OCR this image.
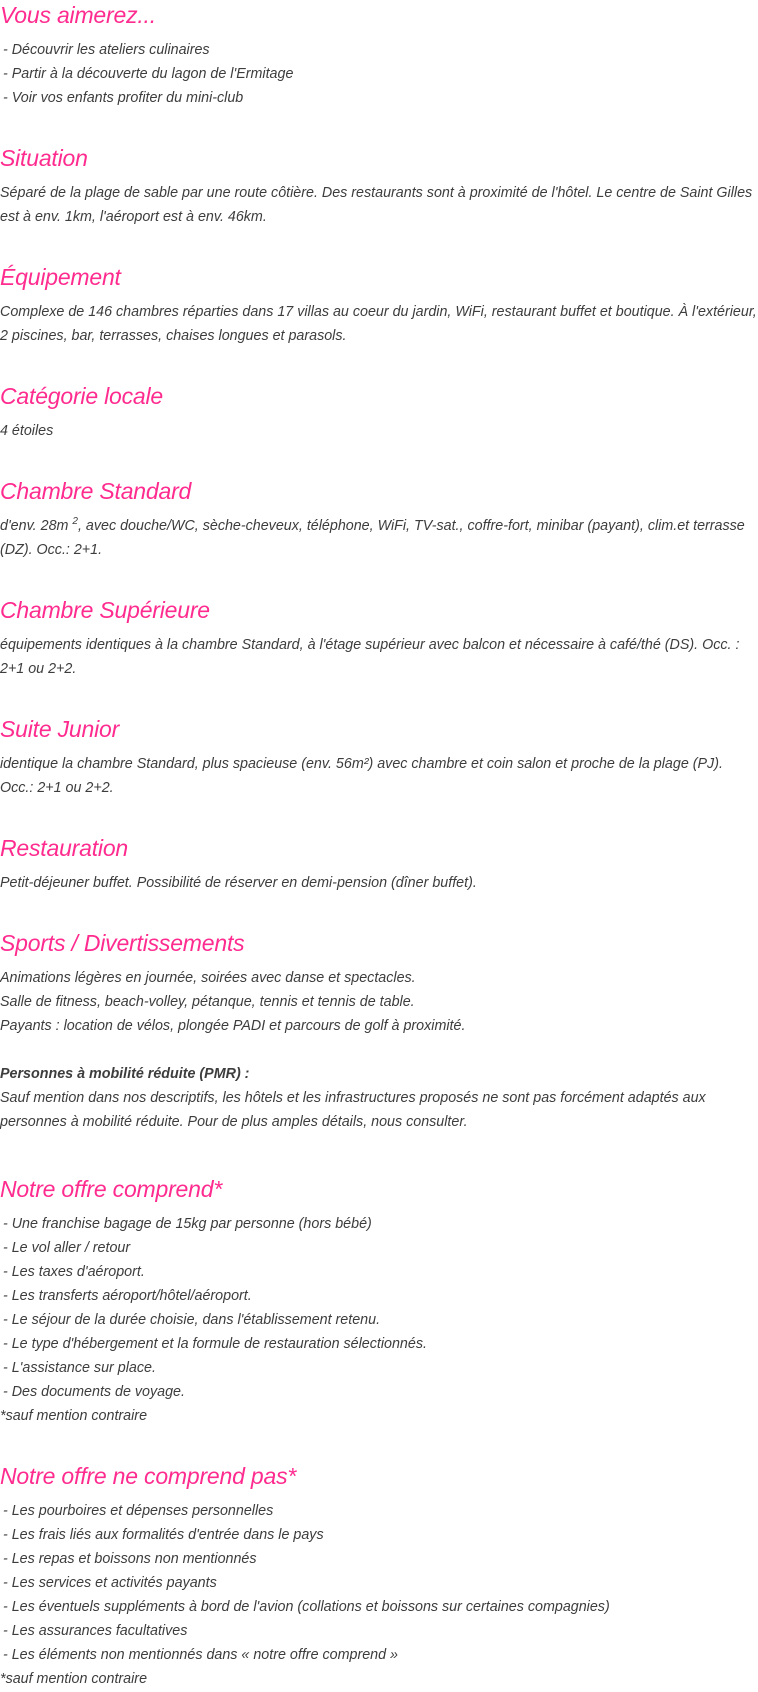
Vous aimerez...
- Découvrir les ateliers culinaires
- Partir à la découverte du lagon de l'Ermitage
- Voir vos enfants profiter du mini-club
Situation
Séparé de la plage de sable par une route côtière. Des restaurants sont à proximité de l'hôtel. Le centre de Saint Gilles est à env. 1km, l'aéroport est à env. 46km.
Équipement
Complexe de 146 chambres réparties dans 17 villas au coeur du jardin, WiFi, restaurant buffet et boutique. À l'extérieur, 2 piscines, bar, terrasses, chaises longues et parasols.
Catégorie locale
4 étoiles
Chambre Standard
d'env. 28m $^2$, avec douche/WC, sèche-cheveux, téléphone, WiFi, TV-sat., coffre-fort, minibar (payant), clim.et terrasse (DZ). Occ.: 2+1.
Chambre Supérieure
équipements identiques à la chambre Standard, à l'étage supérieur avec balcon et nécessaire à café/thé (DS). Occ. : 2+1 ou 2+2.
Suite Junior
identique la chambre Standard, plus spacieuse (env. 56m²) avec chambre et coin salon et proche de la plage (PJ).
Occ.: 2+1 ou 2+2.
Restauration
Petit-déjeuner buffet. Possibilité de réserver en demi-pension (dîner buffet).
Sports / Divertissements
Animations légères en journée, soirées avec danse et spectacles.
Salle de fitness, beach-volley, pétanque, tennis et tennis de table.
Payants : location de vélos, plongée PADI et parcours de golf à proximité.
Personnes à mobilité réduite (PMR) :
Sauf mention dans nos descriptifs, les hôtels et les infrastructures proposés ne sont pas forcément adaptés aux personnes à mobilité réduite. Pour de plus amples détails, nous consulter.
Notre offre comprend*
- Une franchise bagage de 15kg par personne (hors bébé)
- Le vol aller / retour
- Les taxes d'aéroport.
- Les transferts aéroport/hôtel/aéroport.
- Le séjour de la durée choisie, dans l'établissement retenu.
- Le type d'hébergement et la formule de restauration sélectionnés.
- L'assistance sur place.
- Des documents de voyage.
*sauf mention contraire
Notre offre ne comprend pas*
- Les pourboires et dépenses personnelles
- Les frais liés aux formalités d'entrée dans le pays
- Les repas et boissons non mentionnés
- Les services et activités payants
- Les éventuels suppléments à bord de l'avion (collations et boissons sur certaines compagnies)
- Les assurances facultatives
- Les éléments non mentionnés dans « notre offre comprend »
*sauf mention contraire
